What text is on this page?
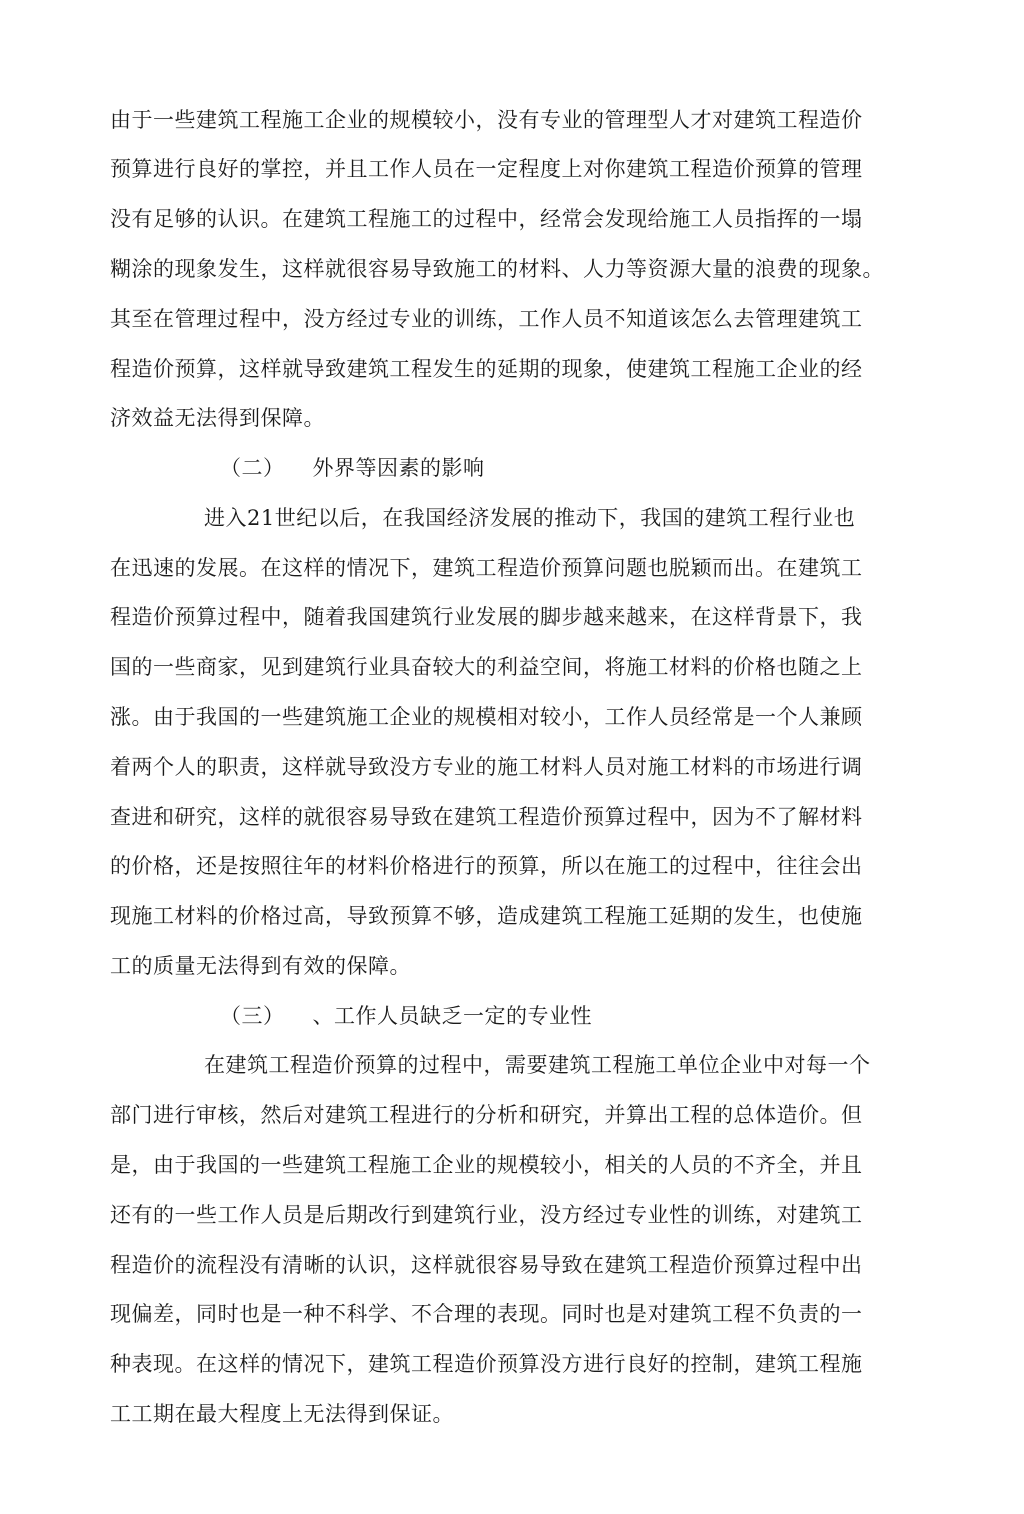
由于一些建筑工程施工企业的规模较小，没有专业的管理型人才对建筑工程造价
预算进行良好的掌控，并且工作人员在一定程度上对你建筑工程造价预算的管理
没有足够的认识。在建筑工程施工的过程中，经常会发现给施工人员指挥的一塌
糊涂的现象发生，这样就很容易导致施工的材料、人力等资源大量的浪费的现象。
其至在管理过程中，没方经过专业的训练，工作人员不知道该怎么去管理建筑工
程造价预算，这样就导致建筑工程发生的延期的现象，使建筑工程施工企业的经
济效益无法得到保障。
（二） 外界等因素的影响
进入21世纪以后，在我国经济发展的推动下，我国的建筑工程行业也
在迅速的发展。在这样的情况下，建筑工程造价预算问题也脱颖而出。在建筑工
程造价预算过程中，随着我国建筑行业发展的脚步越来越来，在这样背景下，我
国的一些商家，见到建筑行业具奋较大的利益空间，将施工材料的价格也随之上
涨。由于我国的一些建筑施工企业的规模相对较小，工作人员经常是一个人兼顾
着两个人的职责，这样就导致没方专业的施工材料人员对施工材料的市场进行调
查进和研究，这样的就很容易导致在建筑工程造价预算过程中，因为不了解材料
的价格，还是按照往年的材料价格进行的预算，所以在施工的过程中，往往会出
现施工材料的价格过高，导致预算不够，造成建筑工程施工延期的发生，也使施
工的质量无法得到有效的保障。
（三） 、工作人员缺乏一定的专业性
在建筑工程造价预算的过程中，需要建筑工程施工单位企业中对每一个
部门进行审核，然后对建筑工程进行的分析和研究，并算出工程的总体造价。但
是，由于我国的一些建筑工程施工企业的规模较小，相关的人员的不齐全，并且
还有的一些工作人员是后期改行到建筑行业，没方经过专业性的训练，对建筑工
程造价的流程没有清晰的认识，这样就很容易导致在建筑工程造价预算过程中出
现偏差，同时也是一种不科学、不合理的表现。同时也是对建筑工程不负责的一
种表现。在这样的情况下，建筑工程造价预算没方进行良好的控制，建筑工程施
工工期在最大程度上无法得到保证。
